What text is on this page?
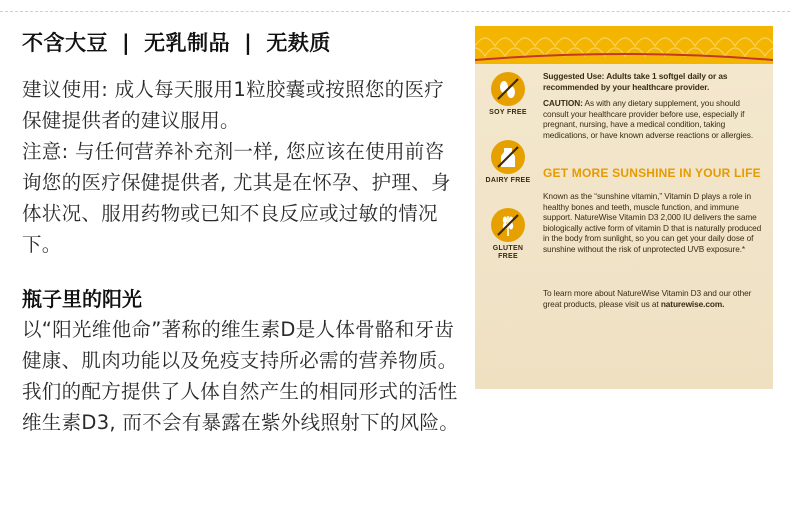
不含大豆 | 无乳制品 | 无麸质

建议使用: 成人每天服用1粒胶囊或按照您的医疗保健提供者的建议服用。

注意: 与任何营养补充剂一样, 您应该在使用前咨询您的医疗保健提供者, 尤其是在怀孕、护理、身体状况、服用药物或已知不良反应或过敏的情况下。

瓶子里的阳光

以“阳光维他命”著称的维生素D是人体骨骼和牙齿健康、肌肉功能以及免疫支持所必需的营养物质。我们的配方提供了人体自然产生的相同形式的活性维生素D3, 而不会有暴露在紫外线照射下的风险。

SOY FREE
DAIRY FREE
GLUTEN FREE
Suggested Use: Adults take 1 softgel daily or as recommended by your healthcare provider.
CAUTION: As with any dietary supplement, you should consult your healthcare provider before use, especially if pregnant, nursing, have a medical condition, taking medications, or have known adverse reactions or allergies.
GET MORE SUNSHINE IN YOUR LIFE
Known as the “sunshine vitamin,” Vitamin D plays a role in healthy bones and teeth, muscle function, and immune support. NatureWise Vitamin D3 2,000 IU delivers the same biologically active form of vitamin D that is naturally produced in the body from sunlight, so you can get your daily dose of sunshine without the risk of unprotected UVB exposure.*
To learn more about NatureWise Vitamin D3 and our other great products, please visit us at naturewise.com.
